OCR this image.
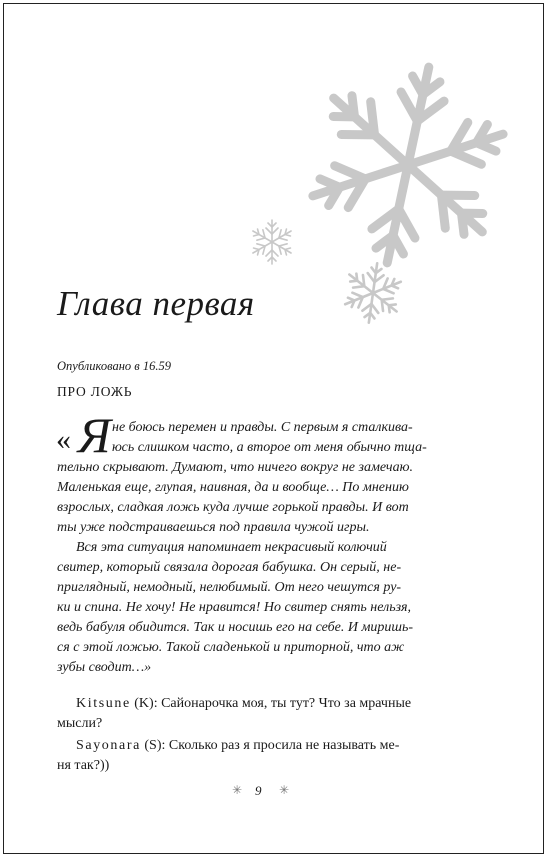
Глава первая
Опубликовано в 16.59
ПРО ЛОЖЬ
« Я не боюсь перемен и правды. С первым я сталкива-
юсь слишком часто, а второе от меня обычно тща-
тельно скрывают. Думают, что ничего вокруг не замечаю.
Маленькая еще, глупая, наивная, да и вообще… По мнению
взрослых, сладкая ложь куда лучше горькой правды. И вот
ты уже подстраиваешься под правила чужой игры.
Вся эта ситуация напоминает некрасивый колючий
свитер, который связала дорогая бабушка. Он серый, не-
приглядный, немодный, нелюбимый. От него чешутся ру-
ки и спина. Не хочу! Не нравится! Но свитер снять нельзя,
ведь бабуля обидится. Так и носишь его на себе. И миришь-
ся с этой ложью. Такой сладенькой и приторной, что аж
зубы сводит…»
Kitsune (K): Сайонарочка моя, ты тут? Что за мрачные
мысли?
Sayonara (S): Сколько раз я просила не называть ме-
ня так?))
✳ 9 ✳
